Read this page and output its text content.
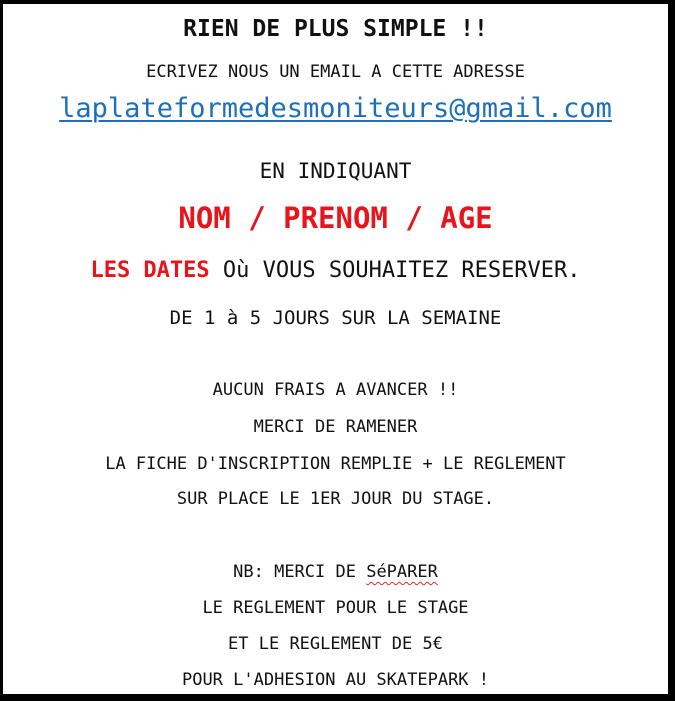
RIEN DE PLUS SIMPLE !!
ECRIVEZ NOUS UN EMAIL A CETTE ADRESSE
laplateformedesmoniteurs@gmail.com
EN INDIQUANT
NOM / PRENOM / AGE
LES DATES Où VOUS SOUHAITEZ RESERVER.
DE 1 à 5 JOURS SUR LA SEMAINE
AUCUN FRAIS A AVANCER !!
MERCI DE RAMENER
LA FICHE D'INSCRIPTION REMPLIE + LE REGLEMENT
SUR PLACE LE 1ER JOUR DU STAGE.
NB: MERCI DE SéPARER
LE REGLEMENT POUR LE STAGE
ET LE REGLEMENT DE 5€
POUR L'ADHESION AU SKATEPARK !
